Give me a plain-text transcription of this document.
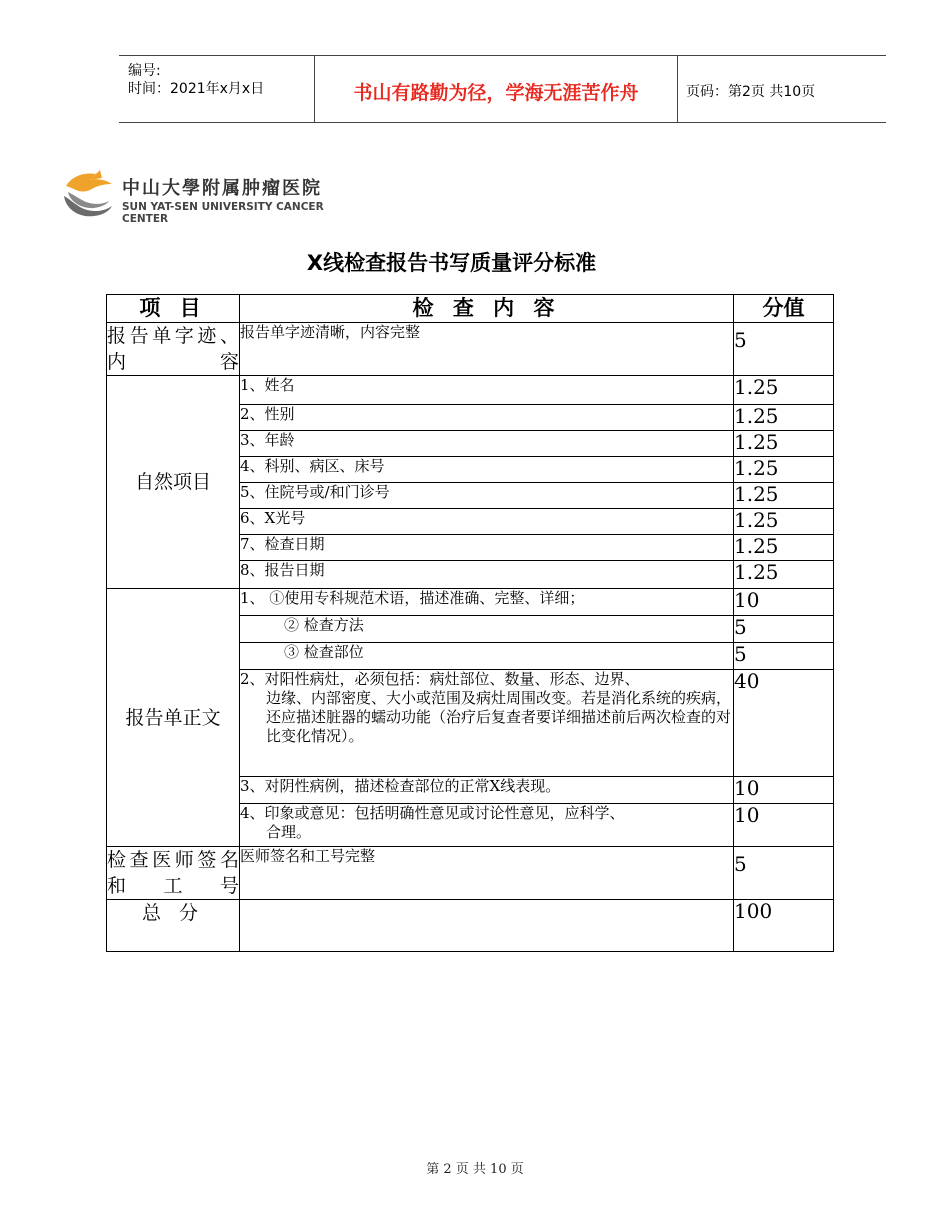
编号:
时间：2021年x月x日	书山有路勤为径，学海无涯苦作舟	页码：第2页 共10页
中山大學附属肿瘤医院
SUN YAT-SEN UNIVERSITY CANCER CENTER
X线检查报告书写质量评分标准
项 目	检 查 内 容	分值
报告单字迹、内容	报告单字迹清晰，内容完整	5
自然项目	1、姓名	1.25
	2、性别	1.25
	3、年龄	1.25
	4、科别、病区、床号	1.25
	5、住院号或/和门诊号	1.25
	6、X光号	1.25
	7、检查日期	1.25
	8、报告日期	1.25
报告单正文	1、 ①使用专科规范术语，描述准确、完整、详细；	10
	② 检查方法	5
	③ 检查部位	5
	2、对阳性病灶，必须包括：病灶部位、数量、形态、边界、
边缘、内部密度、大小或范围及病灶周围改变。若是消化系统的疾病，还应描述脏器的蠕动功能（治疗后复查者要详细描述前后两次检查的对比变化情况）。	40
	3、对阴性病例，描述检查部位的正常X线表现。	10
	4、印象或意见：包括明确性意见或讨论性意见，应科学、
合理。	10
检查医师签名和工号	医师签名和工号完整	5
总 分		100
第 2 页 共 10 页
